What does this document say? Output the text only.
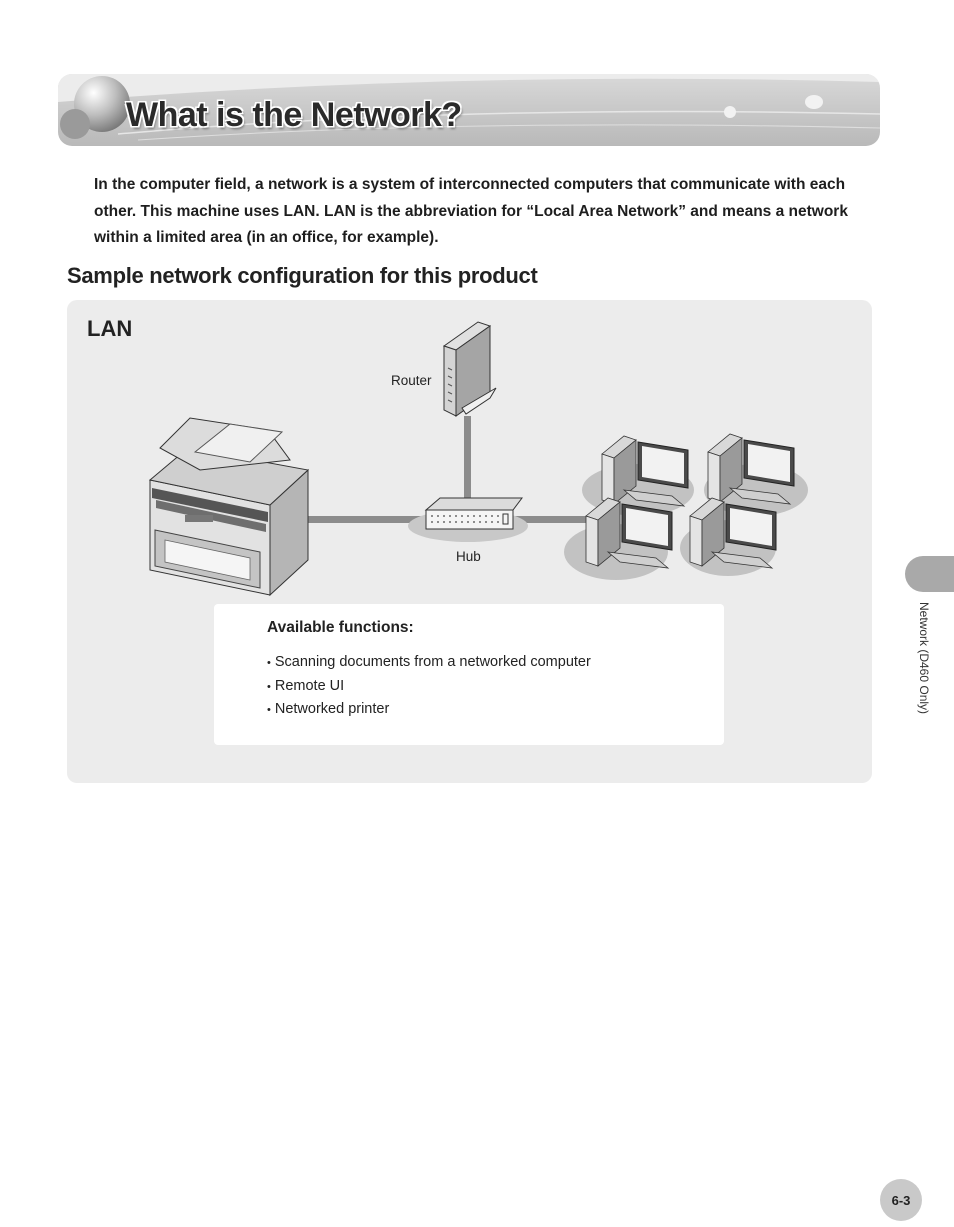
What is the Network?

In the computer field, a network is a system of interconnected computers that communicate with each other. This machine uses LAN. LAN is the abbreviation for “Local Area Network” and means a network within a limited area (in an office, for example).

Sample network configuration for this product
LAN
Router
Hub
Available functions:
• Scanning documents from a networked computer
• Remote UI
• Networked printer	Network (D460 Only)
6-3
